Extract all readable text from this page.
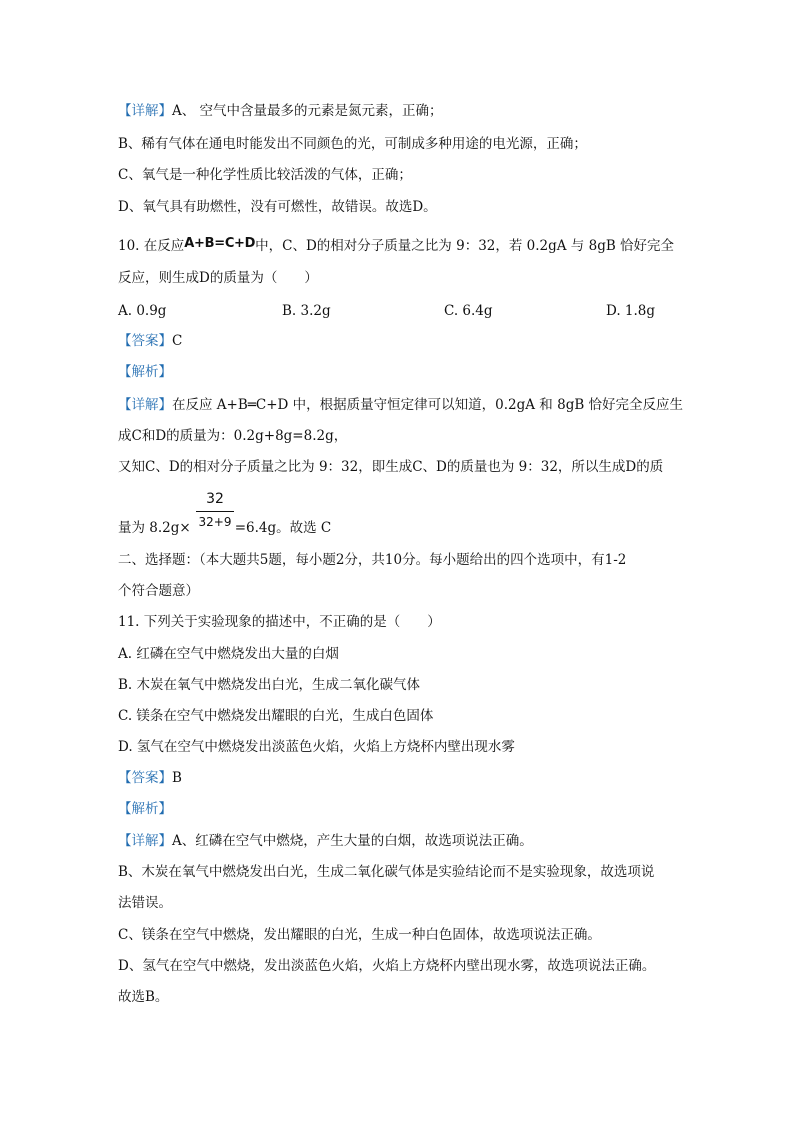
【详解】A、 空气中含量最多的元素是氮元素，正确；
B、稀有气体在通电时能发出不同颜色的光，可制成多种用途的电光源，正确；
C、氧气是一种化学性质比较活泼的气体，正确；
D、氧气具有助燃性，没有可燃性，故错误。故选D。
10. 在反应A+B=C+D中，C、D的相对分子质量之比为 9：32，若 0.2gA 与 8gB 恰好完全
反应，则生成D的质量为（　　）
A. 0.9g	B. 3.2g	C. 6.4g	D. 1.8g
【答案】C
【解析】
【详解】在反应 A+B═C+D 中，根据质量守恒定律可以知道，0.2gA 和 8gB 恰好完全反应生
成C和D的质量为：0.2g+8g=8.2g，
又知C、D的相对分子质量之比为 9：32，即生成C、D的质量也为 9：32，所以生成D的质
$\frac{32}{32+9}$
量为 8.2g×	=6.4g。故选 C
二、选择题：（本大题共5题，每小题2分，共10分。每小题给出的四个选项中，有1-2
个符合题意）
11. 下列关于实验现象的描述中，不正确的是（　　）
A. 红磷在空气中燃烧发出大量的白烟
B. 木炭在氧气中燃烧发出白光，生成二氧化碳气体
C. 镁条在空气中燃烧发出耀眼的白光，生成白色固体
D. 氢气在空气中燃烧发出淡蓝色火焰，火焰上方烧杯内壁出现水雾
【答案】B
【解析】
【详解】A、红磷在空气中燃烧，产生大量的白烟，故选项说法正确。
B、木炭在氧气中燃烧发出白光，生成二氧化碳气体是实验结论而不是实验现象，故选项说
法错误。
C、镁条在空气中燃烧，发出耀眼的白光，生成一种白色固体，故选项说法正确。
D、氢气在空气中燃烧，发出淡蓝色火焰，火焰上方烧杯内壁出现水雾，故选项说法正确。
故选B。
